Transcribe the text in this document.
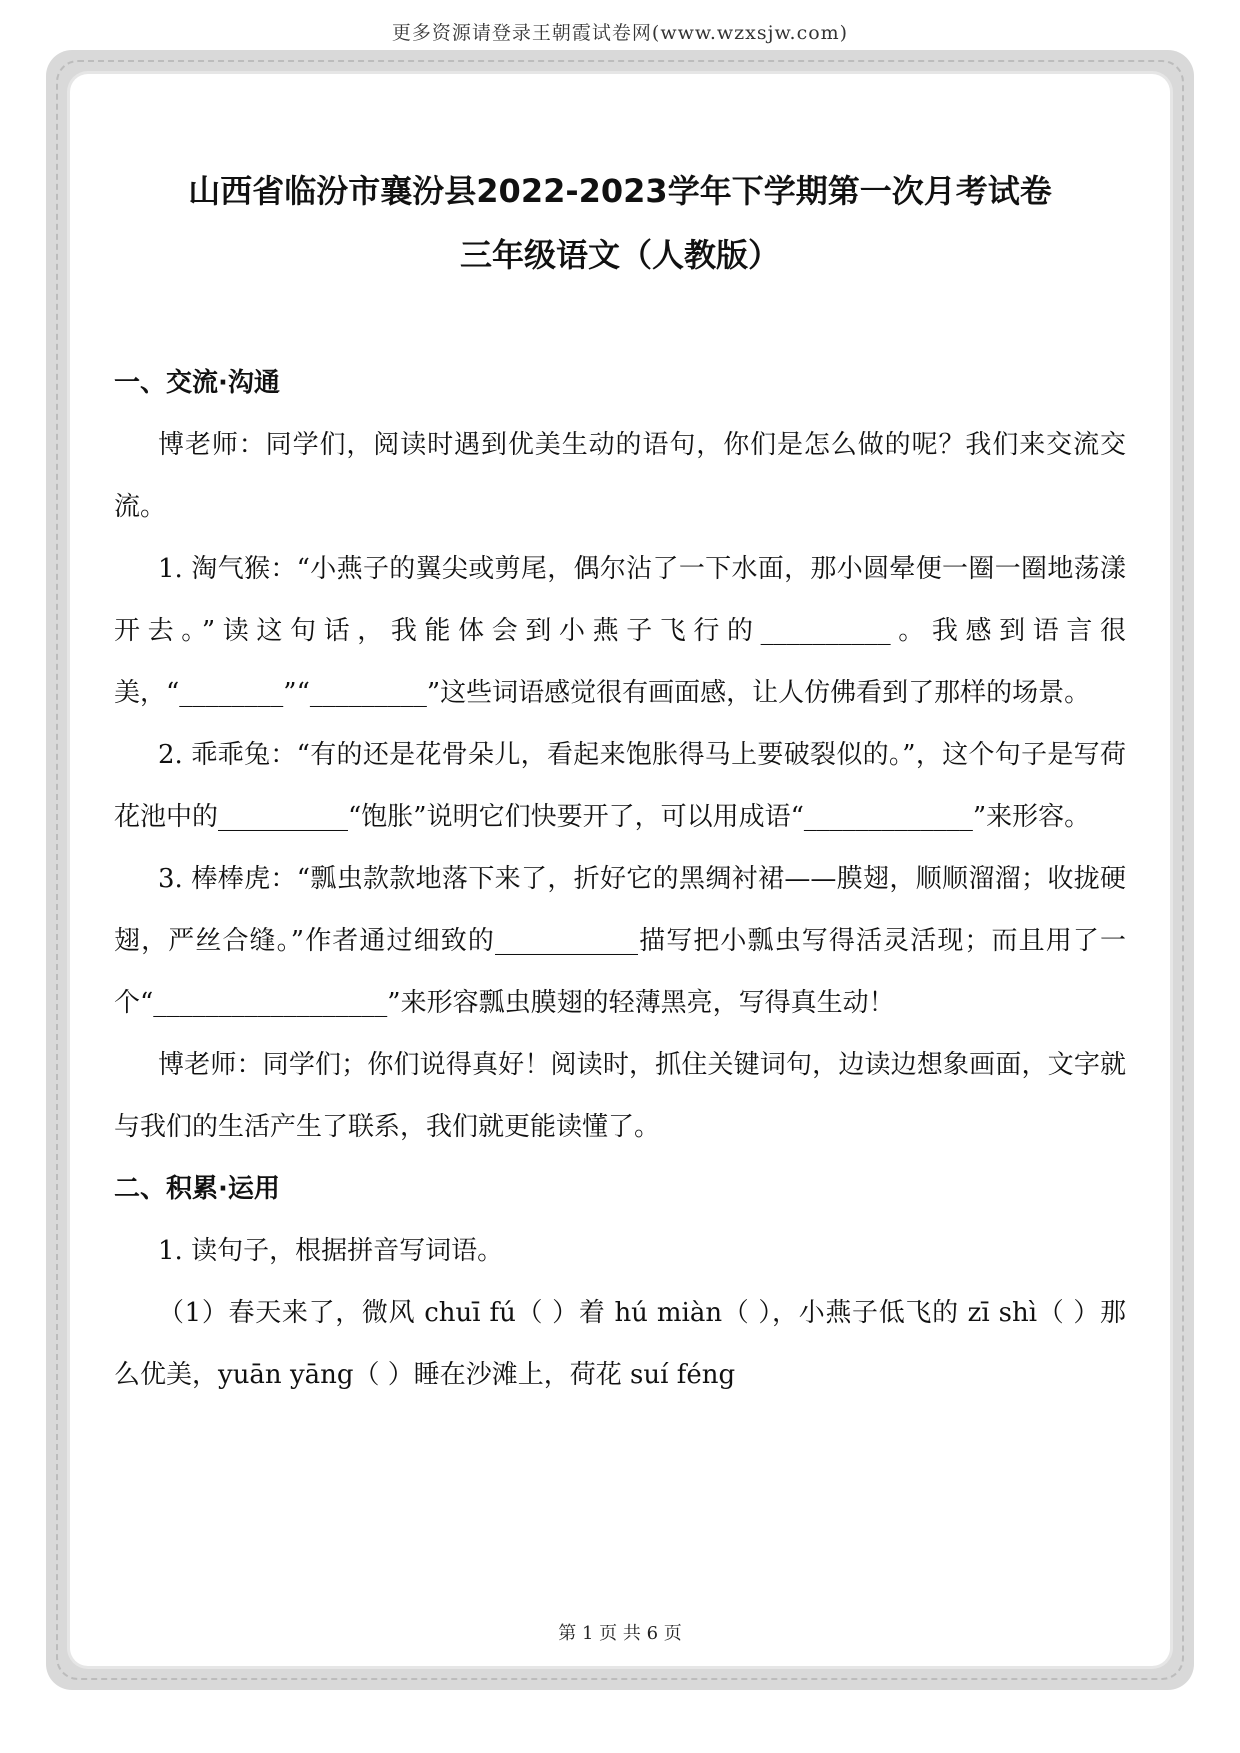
更多资源请登录王朝霞试卷网(www.wzxsjw.com)
山西省临汾市襄汾县2022-2023学年下学期第一次月考试卷
三年级语文（人教版）

一、交流·沟通

博老师：同学们，阅读时遇到优美生动的语句，你们是怎么做的呢？我们来交流交流。

1. 淘气猴：“小燕子的翼尖或剪尾，偶尔沾了一下水面，那小圆晕便一圈一圈地荡漾开去。”读这句话，我能体会到小燕子飞行的__________。我感到语言很美，“________”“_________”这些词语感觉很有画面感，让人仿佛看到了那样的场景。

2. 乖乖兔：“有的还是花骨朵儿，看起来饱胀得马上要破裂似的。”，这个句子是写荷花池中的__________“饱胀”说明它们快要开了，可以用成语“_____________”来形容。

3. 棒棒虎：“瓢虫款款地落下来了，折好它的黑绸衬裙——膜翅，顺顺溜溜；收拢硬翅，严丝合缝。”作者通过细致的___________描写把小瓢虫写得活灵活现；而且用了一个“__________________”来形容瓢虫膜翅的轻薄黑亮，写得真生动！

博老师：同学们；你们说得真好！阅读时，抓住关键词句，边读边想象画面，文字就与我们的生活产生了联系，我们就更能读懂了。

二、积累·运用

1. 读句子，根据拼音写词语。

（1）春天来了，微风 chuī fú（ ）着 hú miàn（ ），小燕子低飞的 zī shì（ ）那么优美，yuān yāng（ ）睡在沙滩上，荷花 suí féng

第 1 页 共 6 页
